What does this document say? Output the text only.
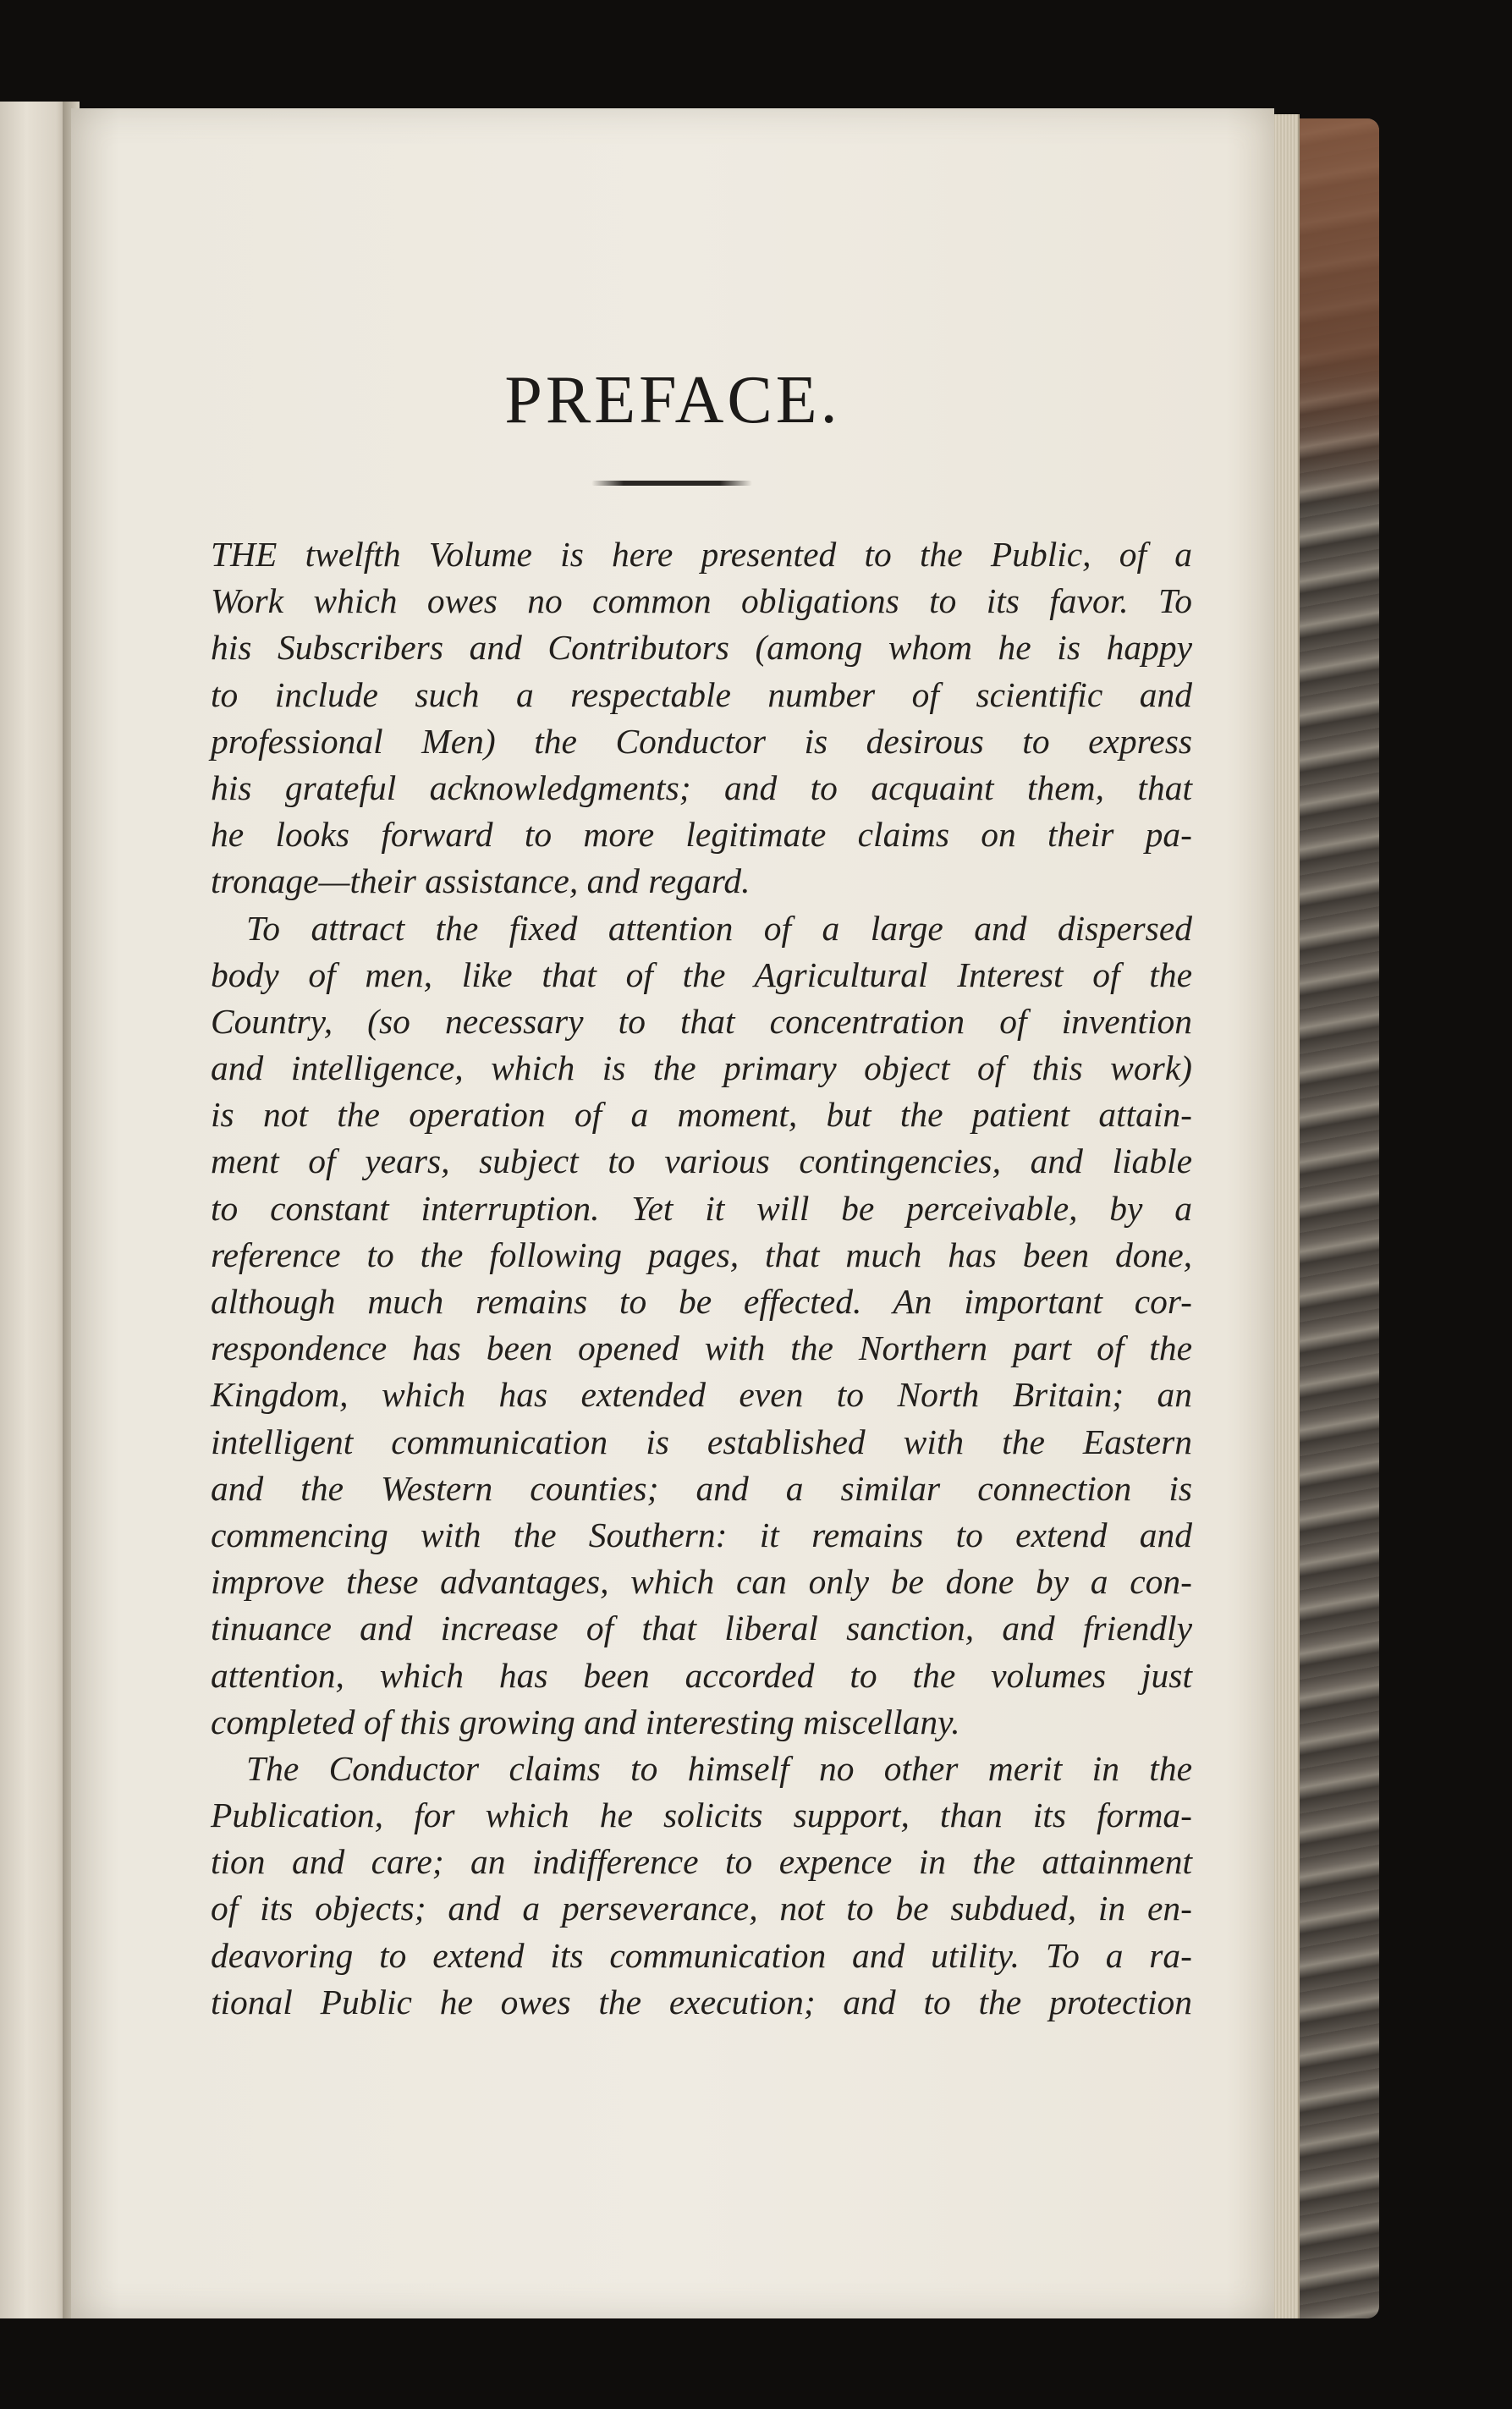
PREFACE.
THE twelfth Volume is here presented to the Public, of a
Work which owes no common obligations to its favor. To
his Subscribers and Contributors (among whom he is happy
to include such a respectable number of scientific and
professional Men) the Conductor is desirous to express
his grateful acknowledgments; and to acquaint them, that
he looks forward to more legitimate claims on their pa-
tronage—their assistance, and regard.
To attract the fixed attention of a large and dispersed
body of men, like that of the Agricultural Interest of the
Country, (so necessary to that concentration of invention
and intelligence, which is the primary object of this work)
is not the operation of a moment, but the patient attain-
ment of years, subject to various contingencies, and liable
to constant interruption. Yet it will be perceivable, by a
reference to the following pages, that much has been done,
although much remains to be effected. An important cor-
respondence has been opened with the Northern part of the
Kingdom, which has extended even to North Britain; an
intelligent communication is established with the Eastern
and the Western counties; and a similar connection is
commencing with the Southern: it remains to extend and
improve these advantages, which can only be done by a con-
tinuance and increase of that liberal sanction, and friendly
attention, which has been accorded to the volumes just
completed of this growing and interesting miscellany.
The Conductor claims to himself no other merit in the
Publication, for which he solicits support, than its forma-
tion and care; an indifference to expence in the attainment
of its objects; and a perseverance, not to be subdued, in en-
deavoring to extend its communication and utility. To a ra-
tional Public he owes the execution; and to the protection
